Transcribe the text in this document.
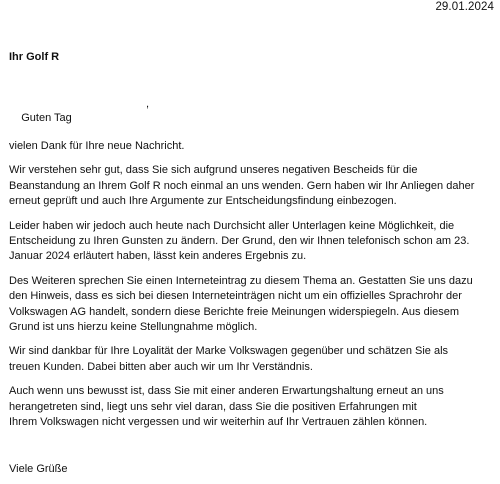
29.01.2024
Ihr Golf R

Guten Tag

,

vielen Dank für Ihre neue Nachricht.

Wir verstehen sehr gut, dass Sie sich aufgrund unseres negativen Bescheids für die
Beanstandung an Ihrem Golf R noch einmal an uns wenden. Gern haben wir Ihr Anliegen daher
erneut geprüft und auch Ihre Argumente zur Entscheidungsfindung einbezogen.

Leider haben wir jedoch auch heute nach Durchsicht aller Unterlagen keine Möglichkeit, die
Entscheidung zu Ihren Gunsten zu ändern. Der Grund, den wir Ihnen telefonisch schon am 23.
Januar 2024 erläutert haben, lässt kein anderes Ergebnis zu.

Des Weiteren sprechen Sie einen Interneteintrag zu diesem Thema an. Gestatten Sie uns dazu
den Hinweis, dass es sich bei diesen Interneteinträgen nicht um ein offizielles Sprachrohr der
Volkswagen AG handelt, sondern diese Berichte freie Meinungen widerspiegeln. Aus diesem
Grund ist uns hierzu keine Stellungnahme möglich.

Wir sind dankbar für Ihre Loyalität der Marke Volkswagen gegenüber und schätzen Sie als
treuen Kunden. Dabei bitten aber auch wir um Ihr Verständnis.

Auch wenn uns bewusst ist, dass Sie mit einer anderen Erwartungshaltung erneut an uns
herangetreten sind, liegt uns sehr viel daran, dass Sie die positiven Erfahrungen mit
Ihrem Volkswagen nicht vergessen und wir weiterhin auf Ihr Vertrauen zählen können.

Viele Grüße
